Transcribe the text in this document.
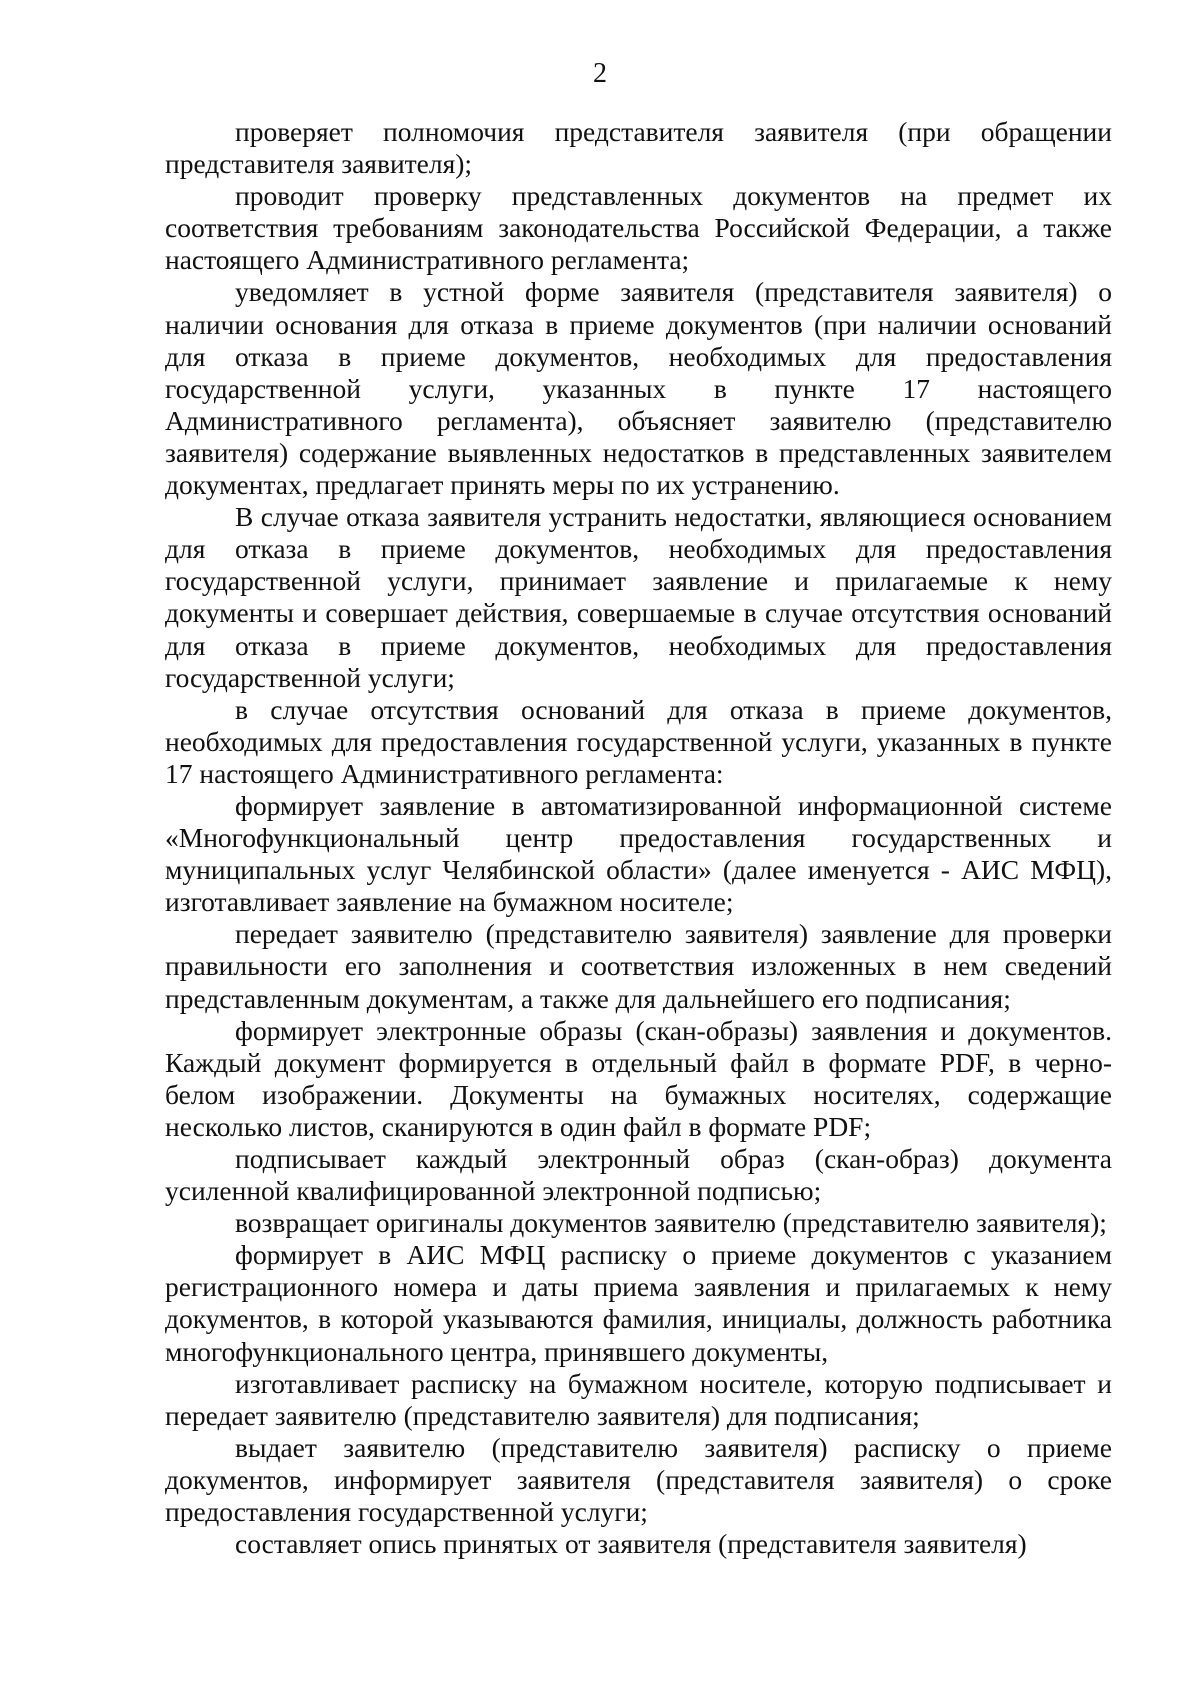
2

проверяет полномочия представителя заявителя (при обращении представителя заявителя);

проводит проверку представленных документов на предмет их соответствия требованиям законодательства Российской Федерации, а также настоящего Административного регламента;

уведомляет в устной форме заявителя (представителя заявителя) о наличии основания для отказа в приеме документов (при наличии оснований для отказа в приеме документов, необходимых для предоставления государственной услуги, указанных в пункте 17 настоящего Административного регламента), объясняет заявителю (представителю заявителя) содержание выявленных недостатков в представленных заявителем документах, предлагает принять меры по их устранению.

В случае отказа заявителя устранить недостатки, являющиеся основанием для отказа в приеме документов, необходимых для предоставления государственной услуги, принимает заявление и прилагаемые к нему документы и совершает действия, совершаемые в случае отсутствия оснований для отказа в приеме документов, необходимых для предоставления государственной услуги;

в случае отсутствия оснований для отказа в приеме документов, необходимых для предоставления государственной услуги, указанных в пункте 17 настоящего Административного регламента:

формирует заявление в автоматизированной информационной системе «Многофункциональный центр предоставления государственных и муниципальных услуг Челябинской области» (далее именуется - АИС МФЦ), изготавливает заявление на бумажном носителе;

передает заявителю (представителю заявителя) заявление для проверки правильности его заполнения и соответствия изложенных в нем сведений представленным документам, а также для дальнейшего его подписания;

формирует электронные образы (скан-образы) заявления и документов. Каждый документ формируется в отдельный файл в формате PDF, в черно-белом изображении. Документы на бумажных носителях, содержащие несколько листов, сканируются в один файл в формате PDF;

подписывает каждый электронный образ (скан-образ) документа усиленной квалифицированной электронной подписью;

возвращает оригиналы документов заявителю (представителю заявителя);

формирует в АИС МФЦ расписку о приеме документов с указанием регистрационного номера и даты приема заявления и прилагаемых к нему документов, в которой указываются фамилия, инициалы, должность работника многофункционального центра, принявшего документы,

изготавливает расписку на бумажном носителе, которую подписывает и передает заявителю (представителю заявителя) для подписания;

выдает заявителю (представителю заявителя) расписку о приеме документов, информирует заявителя (представителя заявителя) о сроке предоставления государственной услуги;

составляет опись принятых от заявителя (представителя заявителя)
